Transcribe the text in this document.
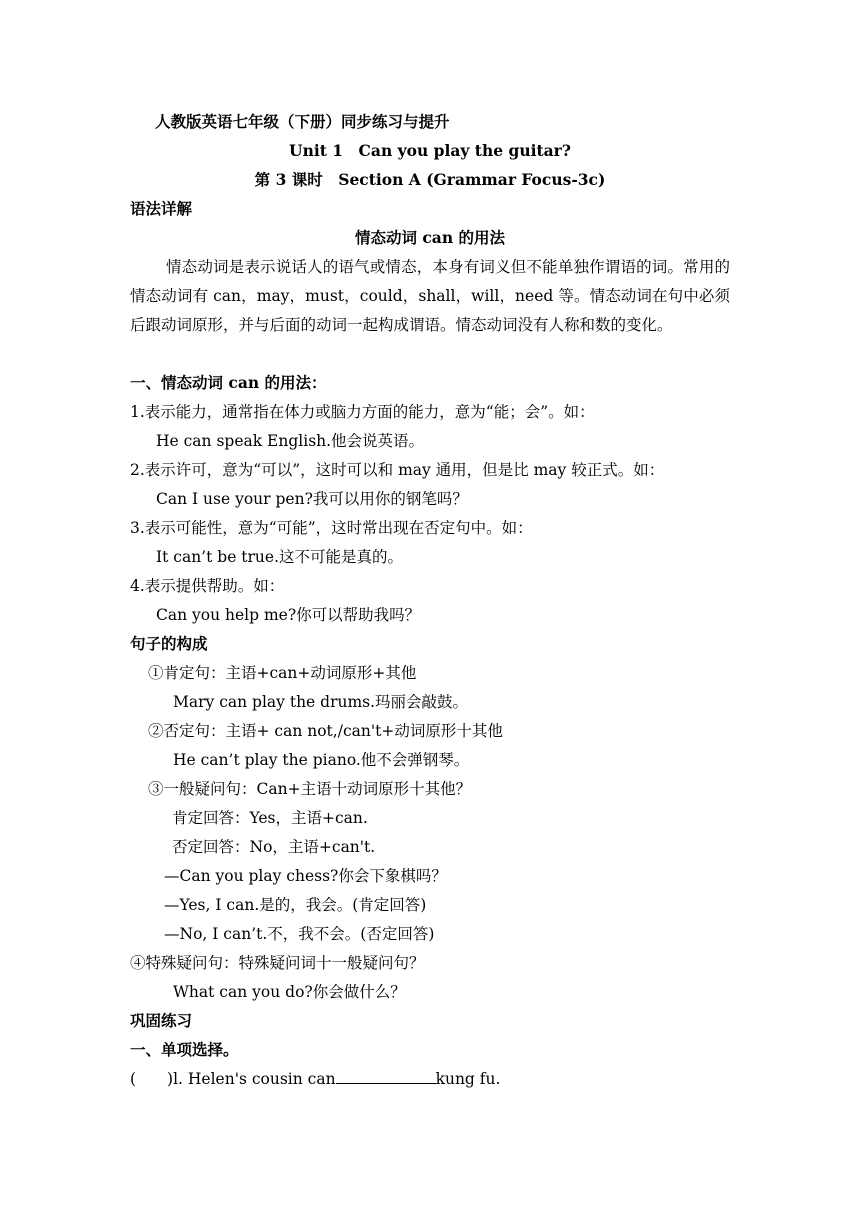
人教版英语七年级（下册）同步练习与提升
Unit 1　Can you play the guitar?
第 3 课时　Section A (Grammar Focus-3c)
语法详解
情态动词 can 的用法
情态动词是表示说话人的语气或情态，本身有词义但不能单独作谓语的词。常用的情态动词有 can，may，must，could，shall，will，need 等。情态动词在句中必须后跟动词原形，并与后面的动词一起构成谓语。情态动词没有人称和数的变化。
一、情态动词 can 的用法：
1.表示能力，通常指在体力或脑力方面的能力，意为“能；会”。如：
He can speak English.他会说英语。
2.表示许可，意为“可以”，这时可以和 may 通用，但是比 may 较正式。如：
Can I use your pen?我可以用你的钢笔吗？
3.表示可能性，意为“可能”，这时常出现在否定句中。如：
It can’t be true.这不可能是真的。
4.表示提供帮助。如：
Can you help me?你可以帮助我吗？
句子的构成
①肯定句：主语+can+动词原形+其他
Mary can play the drums.玛丽会敲鼓。
②否定句：主语+ can not,/can't+动词原形十其他
He can’t play the piano.他不会弹钢琴。
③一般疑问句：Can+主语十动词原形十其他？
肯定回答：Yes，主语+can.
否定回答：No，主语+can't.
—Can you play chess?你会下象棋吗？
—Yes, I can.是的，我会。(肯定回答)
—No, I can’t.不，我不会。(否定回答)
④特殊疑问句：特殊疑问词十一般疑问句？
What can you do?你会做什么？
巩固练习
一、单项选择。
(　　)l. Helen's cousin can	kung fu.
